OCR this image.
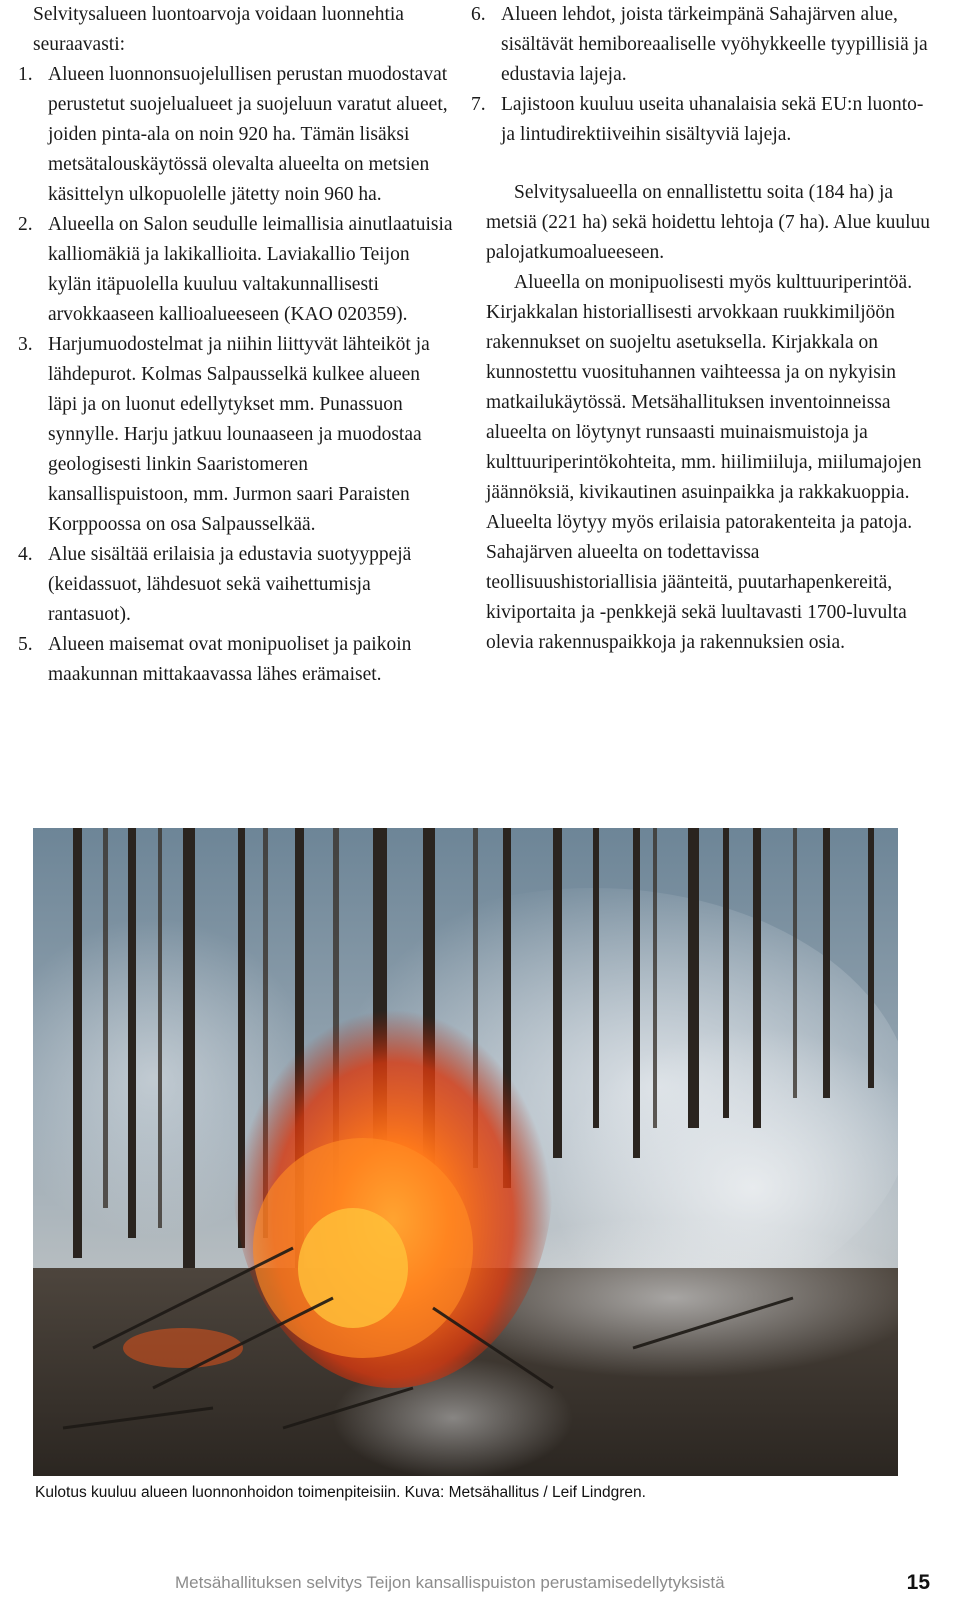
Selvitysalueen luontoarvoja voidaan luonnehtia seuraavasti:

1. Alueen luonnonsuojelullisen perustan muodostavat perustetut suojelualueet ja suojeluun varatut alueet, joiden pinta-ala on noin 920 ha. Tämän lisäksi metsätalouskäytössä olevalta alueelta on metsien käsittelyn ulkopuolelle jätetty noin 960 ha.
2. Alueella on Salon seudulle leimallisia ainutlaatuisia kalliomäkiä ja lakikallioita. Laviakallio Teijon kylän itäpuolella kuuluu valtakunnallisesti arvokkaaseen kallioalueeseen (KAO 020359).
3. Harjumuodostelmat ja niihin liittyvät lähteiköt ja lähdepurot. Kolmas Salpausselkä kulkee alueen läpi ja on luonut edellytykset mm. Punassuon synnylle. Harju jatkuu lounaaseen ja muodostaa geologisesti linkin Saaristomeren kansallispuistoon, mm. Jurmon saari Paraisten Korppoossa on osa Salpausselkää.
4. Alue sisältää erilaisia ja edustavia suotyyppejä (keidassuot, lähdesuot sekä vaihettumisja rantasuot).
5. Alueen maisemat ovat monipuoliset ja paikoin maakunnan mittakaavassa lähes erämaiset.
6. Alueen lehdot, joista tärkeimpänä Sahajärven alue, sisältävät hemiboreaaliselle vyöhykkeelle tyypillisiä ja edustavia lajeja.
7. Lajistoon kuuluu useita uhanalaisia sekä EU:n luonto- ja lintudirektiiveihin sisältyviä lajeja.

Selvitysalueella on ennallistettu soita (184 ha) ja metsiä (221 ha) sekä hoidettu lehtoja (7 ha). Alue kuuluu palojatkumoalueeseen.

Alueella on monipuolisesti myös kulttuuriperintöä. Kirjakkalan historiallisesti arvokkaan ruukkimiljöön rakennukset on suojeltu asetuksella. Kirjakkala on kunnostettu vuosituhannen vaihteessa ja on nykyisin matkailukäytössä. Metsähallituksen inventoinneissa alueelta on löytynyt runsaasti muinaismuistoja ja kulttuuriperintökohteita, mm. hiilimiiluja, miilumajojen jäännöksiä, kivikautinen asuinpaikka ja rakkakuoppia. Alueelta löytyy myös erilaisia patorakenteita ja patoja. Sahajärven alueelta on todettavissa teollisuushistoriallisia jäänteitä, puutarhapenkereitä, kiviportaita ja -penkkejä sekä luultavasti 1700-luvulta olevia rakennuspaikkoja ja rakennuksien osia.

Kulotus kuuluu alueen luonnonhoidon toimenpiteisiin. Kuva: Metsähallitus / Leif Lindgren.
Metsähallituksen selvitys Teijon kansallispuiston perustamisedellytyksistä	15
